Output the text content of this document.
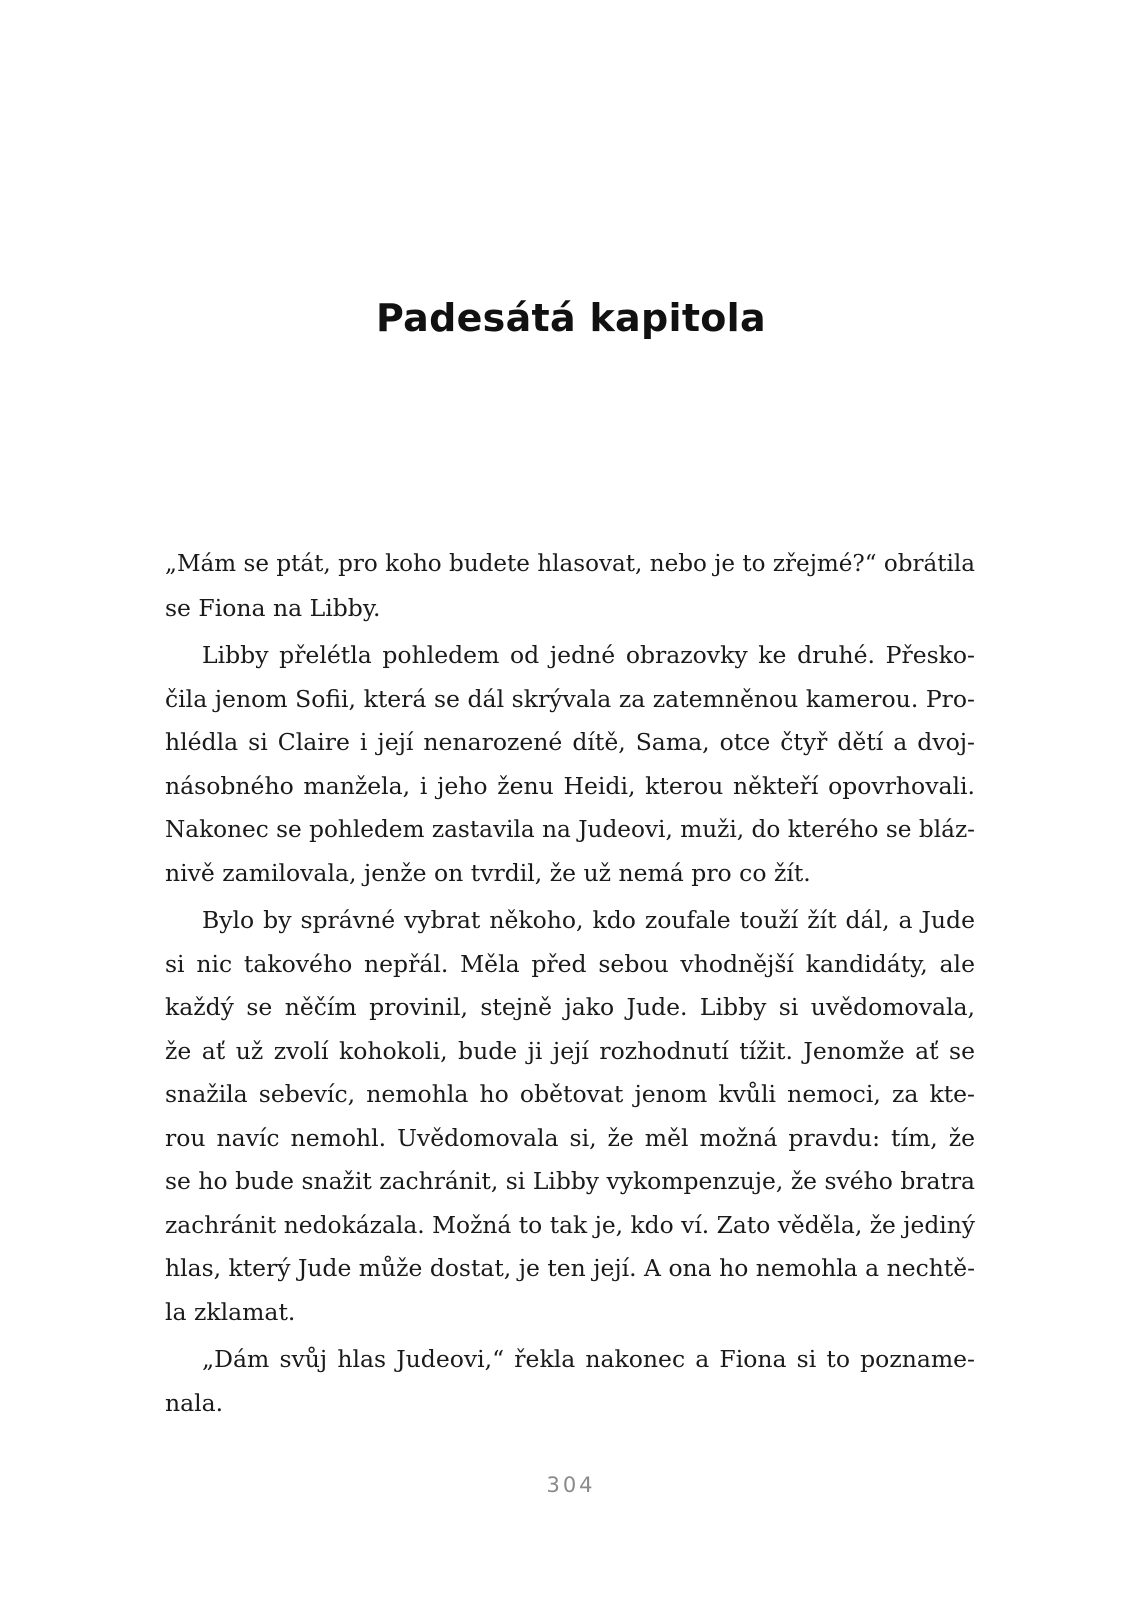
Padesátá kapitola
„Mám se ptát, pro koho budete hlasovat, nebo je to zřejmé?“ obrátila
se Fiona na Libby.
Libby přelétla pohledem od jedné obrazovky ke druhé. Přesko-
čila jenom Sofii, která se dál skrývala za zatemněnou kamerou. Pro-
hlédla si Claire i její nenarozené dítě, Sama, otce čtyř dětí a dvoj-
násobného manžela, i jeho ženu Heidi, kterou někteří opovrhovali.
Nakonec se pohledem zastavila na Judeovi, muži, do kterého se bláz-
nivě zamilovala, jenže on tvrdil, že už nemá pro co žít.
Bylo by správné vybrat někoho, kdo zoufale touží žít dál, a Jude
si nic takového nepřál. Měla před sebou vhodnější kandidáty, ale
každý se něčím provinil, stejně jako Jude. Libby si uvědomovala,
že ať už zvolí kohokoli, bude ji její rozhodnutí tížit. Jenomže ať se
snažila sebevíc, nemohla ho obětovat jenom kvůli nemoci, za kte-
rou navíc nemohl. Uvědomovala si, že měl možná pravdu: tím, že
se ho bude snažit zachránit, si Libby vykompenzuje, že svého bratra
zachránit nedokázala. Možná to tak je, kdo ví. Zato věděla, že jediný
hlas, který Jude může dostat, je ten její. A ona ho nemohla a nechtě-
la zklamat.
„Dám svůj hlas Judeovi,“ řekla nakonec a Fiona si to poznamе-
nala.
304
